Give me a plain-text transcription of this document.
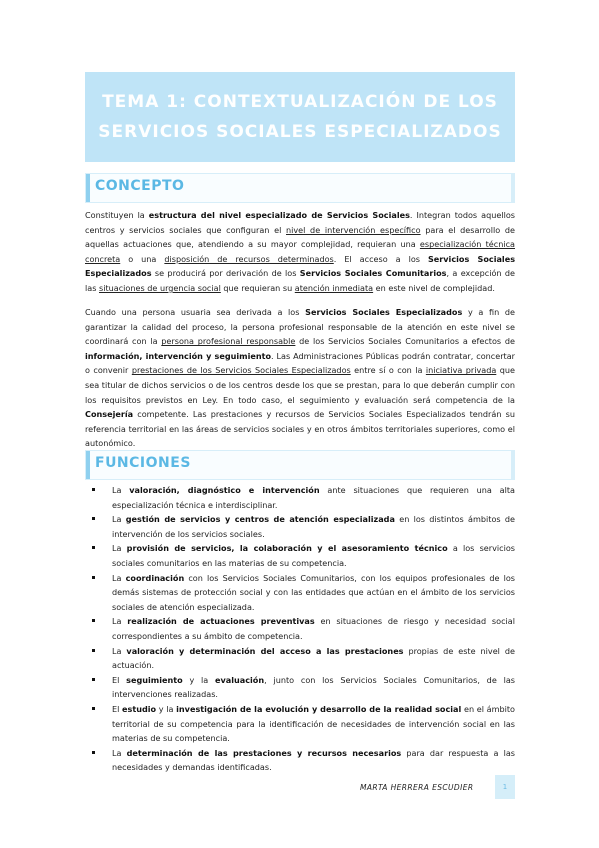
TEMA 1: CONTEXTUALIZACIÓN DE LOS
SERVICIOS SOCIALES ESPECIALIZADOS
CONCEPTO
Constituyen la estructura del nivel especializado de Servicios Sociales. Integran todos aquellos centros y servicios sociales que configuran el nivel de intervención específico para el desarrollo de aquellas actuaciones que, atendiendo a su mayor complejidad, requieran una especialización técnica concreta o una disposición de recursos determinados. El acceso a los Servicios Sociales Especializados se producirá por derivación de los Servicios Sociales Comunitarios, a excepción de las situaciones de urgencia social que requieran su atención inmediata en este nivel de complejidad.
Cuando una persona usuaria sea derivada a los Servicios Sociales Especializados y a fin de garantizar la calidad del proceso, la persona profesional responsable de la atención en este nivel se coordinará con la persona profesional responsable de los Servicios Sociales Comunitarios a efectos de información, intervención y seguimiento. Las Administraciones Públicas podrán contratar, concertar o convenir prestaciones de los Servicios Sociales Especializados entre sí o con la iniciativa privada que sea titular de dichos servicios o de los centros desde los que se prestan, para lo que deberán cumplir con los requisitos previstos en Ley. En todo caso, el seguimiento y evaluación será competencia de la Consejería competente. Las prestaciones y recursos de Servicios Sociales Especializados tendrán su referencia territorial en las áreas de servicios sociales y en otros ámbitos territoriales superiores, como el autonómico.
FUNCIONES
La valoración, diagnóstico e intervención ante situaciones que requieren una alta especialización técnica e interdisciplinar.
La gestión de servicios y centros de atención especializada en los distintos ámbitos de intervención de los servicios sociales.
La provisión de servicios, la colaboración y el asesoramiento técnico a los servicios sociales comunitarios en las materias de su competencia.
La coordinación con los Servicios Sociales Comunitarios, con los equipos profesionales de los demás sistemas de protección social y con las entidades que actúan en el ámbito de los servicios sociales de atención especializada.
La realización de actuaciones preventivas en situaciones de riesgo y necesidad social correspondientes a su ámbito de competencia.
La valoración y determinación del acceso a las prestaciones propias de este nivel de actuación.
El seguimiento y la evaluación, junto con los Servicios Sociales Comunitarios, de las intervenciones realizadas.
El estudio y la investigación de la evolución y desarrollo de la realidad social en el ámbito territorial de su competencia para la identificación de necesidades de intervención social en las materias de su competencia.
La determinación de las prestaciones y recursos necesarios para dar respuesta a las necesidades y demandas identificadas.
MARTA HERRERA ESCUDIER	1
